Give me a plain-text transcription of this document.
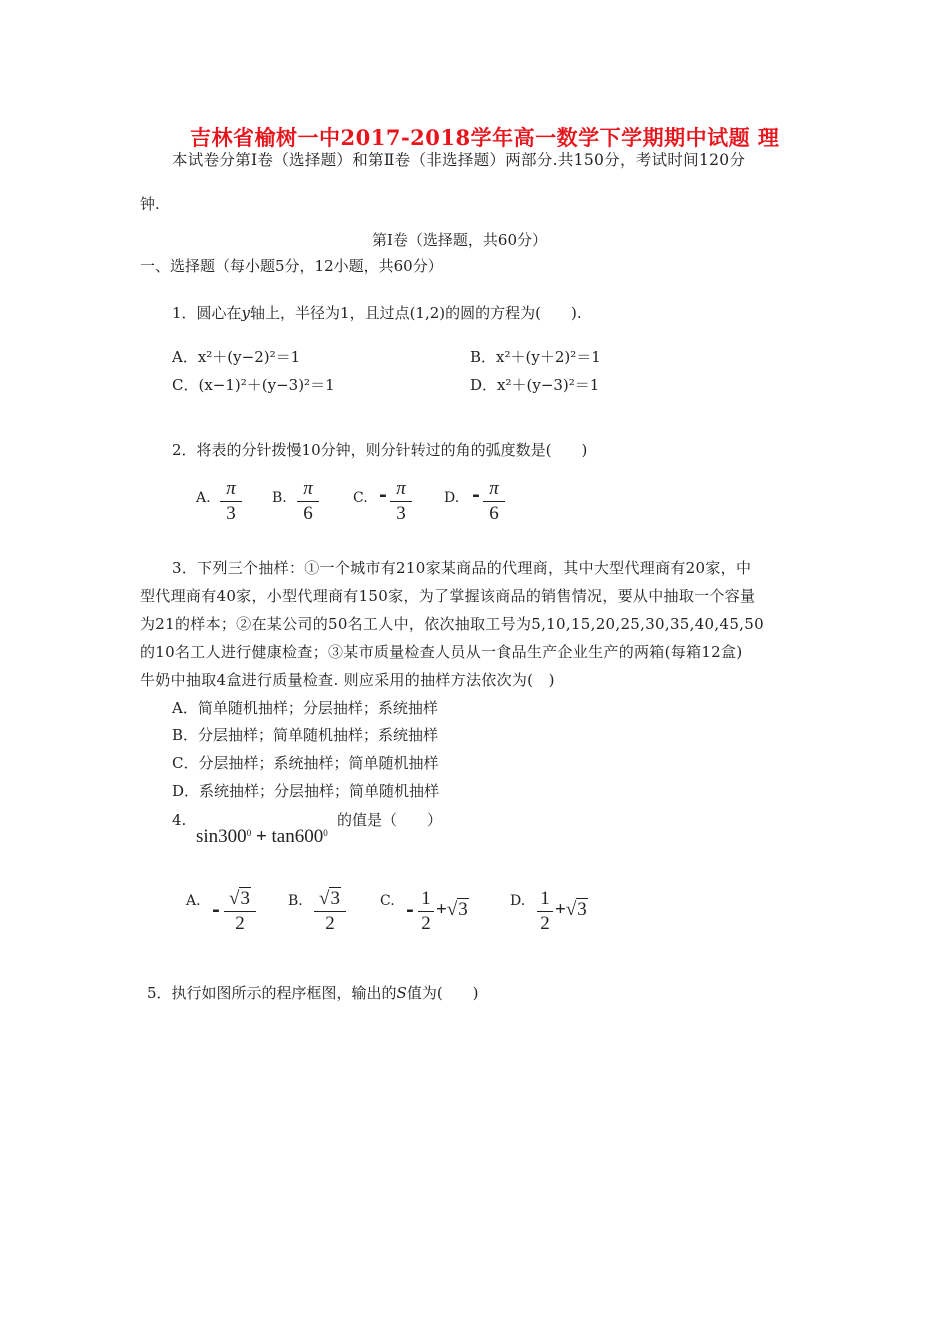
吉林省榆树一中2017-2018学年高一数学下学期期中试题 理
本试卷分第Ⅰ卷（选择题）和第Ⅱ卷（非选择题）两部分.共150分，考试时间120分
钟.
第Ⅰ卷（选择题，共60分）
一、选择题（每小题5分，12小题，共60分）
1．圆心在y轴上，半径为1，且过点(1,2)的圆的方程为(　　).
A．x²＋(y−2)²＝1	B．x²＋(y＋2)²＝1
C．(x−1)²＋(y−3)²＝1	D．x²＋(y−3)²＝1
2．将表的分针拨慢10分钟，则分针转过的角的弧度数是(　　)
A. π
3
B. π
6
C. - π
3
D. - π
6
3．下列三个抽样：①一个城市有210家某商品的代理商，其中大型代理商有20家，中
型代理商有40家，小型代理商有150家，为了掌握该商品的销售情况，要从中抽取一个容量
为21的样本；②在某公司的50名工人中，依次抽取工号为5,10,15,20,25,30,35,40,45,50
的10名工人进行健康检查；③某市质量检查人员从一食品生产企业生产的两箱(每箱12盒)
牛奶中抽取4盒进行质量检查. 则应采用的抽样方法依次为(　)
A．简单随机抽样；分层抽样；系统抽样
B．分层抽样；简单随机抽样；系统抽样
C．分层抽样；系统抽样；简单随机抽样
D．系统抽样；分层抽样；简单随机抽样
4.
$\sin 300^0 + \tan 600^0$
的值是（　　）
A. -
√3
2
B. √3
2
C. -
1
2
+√3	D. 1
2
+√3
5．执行如图所示的程序框图，输出的S值为(　　)
